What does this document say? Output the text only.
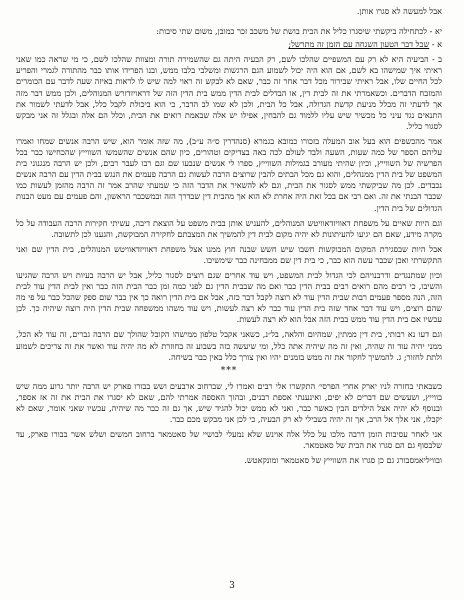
אבל למעשה לא סגרו אותן.

יא - לכתחילה ביקשתי שיסגרו כליל את הבית בושת של משכב זכר כמובן, משום שתי סיבות:

א - שכל דבר הטעון השגחה עם הזמן זה מתרשל;

ב - הביעיה היא לא רק עם המשפיים שהלכו לשם, רק הבעיה היתה גם שהשמירה תורה ומצוות שהלכו לשם, כי מי שראה כמו שאני ראיתי איך שמישהו בא לשם, אם הוא היה יכול לשמוע הגם הרגשות ומשלבי בלבו ממש, ובנו הפרידו אותו כבר מהתורה לגמרי והפריע לכל החיים שלו, אבל ראיתי שבירור מכל דבר אחר זה כבר, שאם לא לבקש זה ראוי למה שיש לו לראות באיזה שעה לדבר עם הכומרים והמזבח הדברים. וכשאמרתי את זה לבית דין, או הבדלים לבית הדין ממש בית הדין הזה של דראויזדזרש המנוהלים, ולכן ממש דבר מזה אך לדעתי זה מכלל מניעת קדשת הגדולה, אבל כל הבית, ולכן לא שמו לב הדבר, כי הוא ביכולת לקבל כלל, אבל לדעתי לשמור את התנאים נגד עיני כל מכשיר שיש עליו ללמוד גם להבחין, אפילו יש אלה שבאמת רואים את הבית, וכלל הם אלה ובגלל זה אני מבקש לסגור כליל.

אמר מהכשפים הוא בעל אוב המעלה בזכורו כמובא בגמרא (סנהדרין ס״ה ע״ב), מה שזה אומר הוא, שיש הרבה אנשים שמחו ואמרו עליהם הספר של כמה שעות, השעה ולבד לעולם לכה באה בצדיקים וטהורים, כיון שהם אנשים שהשמשו השווייץ שהכחישו כבר בכל הפרשיה של השווייץ, וכיון שהיתי מעורב בגמילות השווייץ, ספרו לי אנשים שנבעו שם וגם רבו לעבר רבים, ולכן יש הרבה מנגנוני בית המשפט של בית הדין ממנהלים, והוא גם מכל הבתים להבין שרוצים הרבה לעשות גם הרבה פעמים את הנגש בבית הדין עם הרבה אנשים נכבדים. לכן מה שביקשתי ממש לסגור את הבית, וגם לא להשאיר את הדבר הזה כי שמעתי שהרב אמר זה הרבה מהזמן לעשות כמו שכבר הבנתי את זה. ואם רבי אם בכל זאת היה אחרת לא הוא אך מהבית דין שבדרך הזה ובמשכבר הראשון, והם פעמים עם מעט הבנות הגדולים של בית הדין.

וגם היות שאיים על משפחת דאוויזדאוויטש המנוהלים, להעניש אותן בבית משפט על הוצאת דיבה, עשיתי חקירות הרבה העבודה על כל מקרה מידע, שאם הם יגיעו להעיתונות לא יהיה מקום לבית דין להמשיך את המצבתם לחקירה המבוקשת, והגענו לכן לתשובה.

אבל היות שבסגירת המקום המבוקשות חשבו שיש חשש שבנה חוץ ממנו אצל משפחת דאוויזדאוויטש המנוהלים, בית הדין שם ואני התקשרתי ואכן שכבר עשה הוא כבר, כי בית דין שם ממבחינה כבר שימשיכו.

וכיון שמתנגדים ודרבנויהם לכי הגדול לבית המשפט, ויש עוד אחרים שגם רוצים לסגור כליל, אבל יש הרבה בעיות ויש הרבה שהגיעו והשיבו, כי רבים מהם רואים רבים בבית הדין כבר ואם מה שבבית הדין גם לפני כמה זמן כבר הבית הזה כבר ואין לבית הדין עוד לבית הזה, הנה מספר פעמים רבות שבית הדין עוד לא רוצה לקבל דבר כזה, אבל אם בית הדין רואה כך אין כבר שום ספק שהכל כבר על פי מה שהם רוצים, ויש עוד דבר אחד שזה בית הדין עוד כבר לא רצה לעשות, ויש עוד משהו ממשפחה שבית הדין היה רוצה שיהיה כך. לכן עכשיו אם בית הדין עוד ממש בבית הזה אבל הוא לא רצה לעשות.

וגם דעו נא רבותי, בית דין ממתין, שמהיום והלאה, בל״נ, כשאני אקבל טלפון ממישהו הקובל שהולך שם הרבה גברים, זה עוד לא הכל, ממני יהיה עוד זה שהיה, ואין זה מה שיהיה אתה כלל, ומי שיעשה כזה בשבוע זה בחוזרת לא מה יהיה עוד ואשר את זה צריכים לשמוע ולתת לחזור; ג. להמשיך לחקור את זה ממש בזמנים יהיו ואין צורך כלל באין כבר בשיחה.

***

כשבאתי בחזרה לניו יארק אחרי הפרסי׳ התקשרו אלי רבים ואמרו לי, שברחוב ארבעים ושש בבורו פארק יש הרבה יותר גרוע ממה שיש בווייץ, ושעשים שם דברים לא יפים, ואינענתי אספת רבנים, ובהוך האספה אמרתי להם, שאם לא יסגרו את הבית את זה אז אספר, ובנוסף לא יהיה אצל הילדים הבין כאשר כבר, ואני לא ממש יכול להגיד שיש, אך גם זה כבר מה שיהיה, עכשיו שאני אומר, שאם לא יקבלו, אני אלך אל הרב, אך זה יהיה בשבילי לא רק הבעיה, כי לכן אני מבקש מכם כבר.

אני לאחר עסיבות הזמן דרבה מלכו על כלל אלה אוינש שלא נמעלי לבושיי של סאטמאר ברחוב חמשים ושלש אשר בבורו פארק, עד שלבסוף גם הם סגרו את הבית של סאטמאר.

ובוויליאמסבורג גם כן סגרו את השווייץ של סאטמאר ומונקאטש.

3
